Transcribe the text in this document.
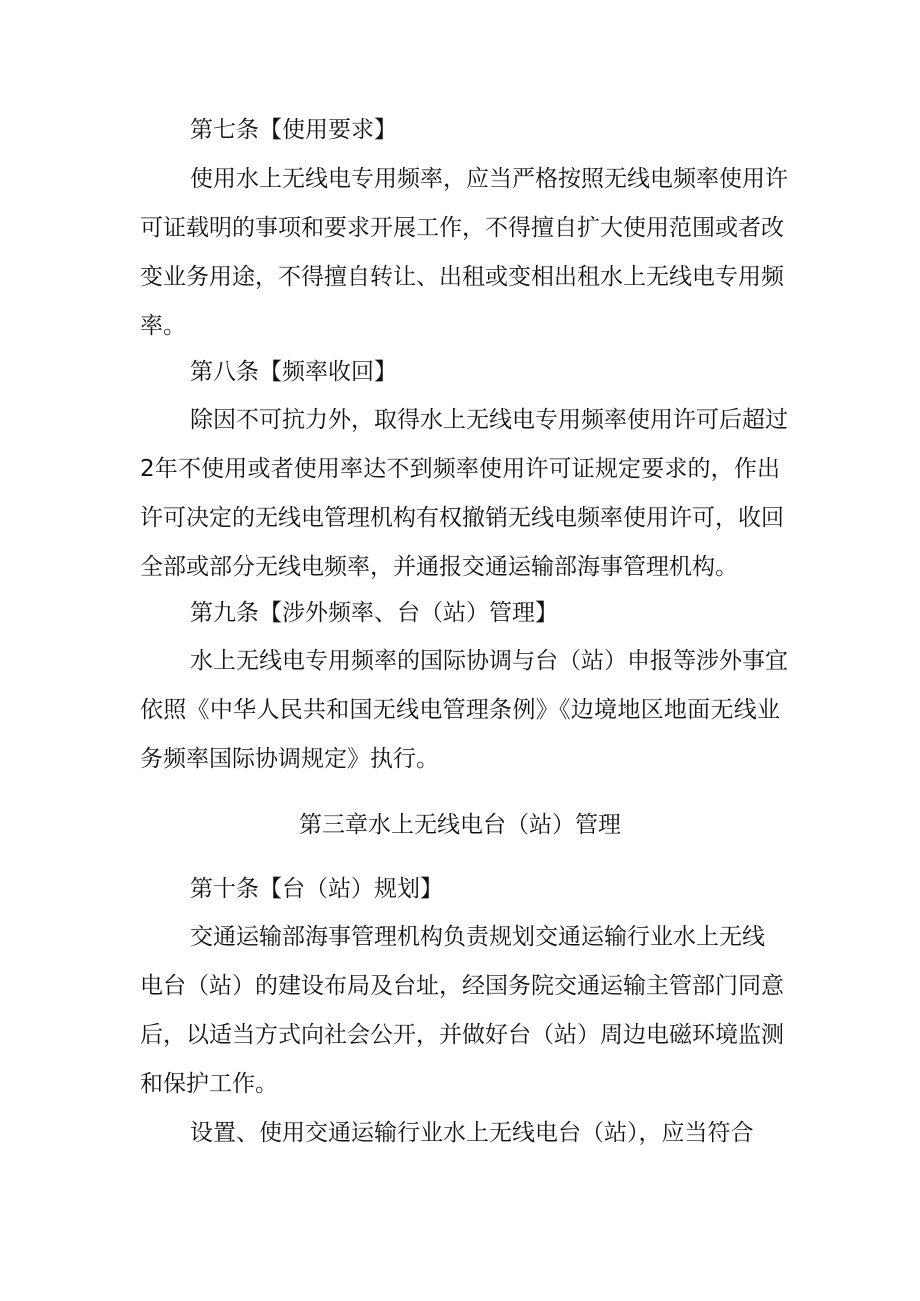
第七条【使用要求】
使用水上无线电专用频率，应当严格按照无线电频率使用许
可证载明的事项和要求开展工作，不得擅自扩大使用范围或者改
变业务用途，不得擅自转让、出租或变相出租水上无线电专用频
率。
第八条【频率收回】
除因不可抗力外，取得水上无线电专用频率使用许可后超过
2年不使用或者使用率达不到频率使用许可证规定要求的，作出
许可决定的无线电管理机构有权撤销无线电频率使用许可，收回
全部或部分无线电频率，并通报交通运输部海事管理机构。
第九条【涉外频率、台（站）管理】
水上无线电专用频率的国际协调与台（站）申报等涉外事宜
依照《中华人民共和国无线电管理条例》《边境地区地面无线业
务频率国际协调规定》执行。
第三章水上无线电台（站）管理
第十条【台（站）规划】
交通运输部海事管理机构负责规划交通运输行业水上无线
电台（站）的建设布局及台址，经国务院交通运输主管部门同意
后，以适当方式向社会公开，并做好台（站）周边电磁环境监测
和保护工作。
设置、使用交通运输行业水上无线电台（站），应当符合
